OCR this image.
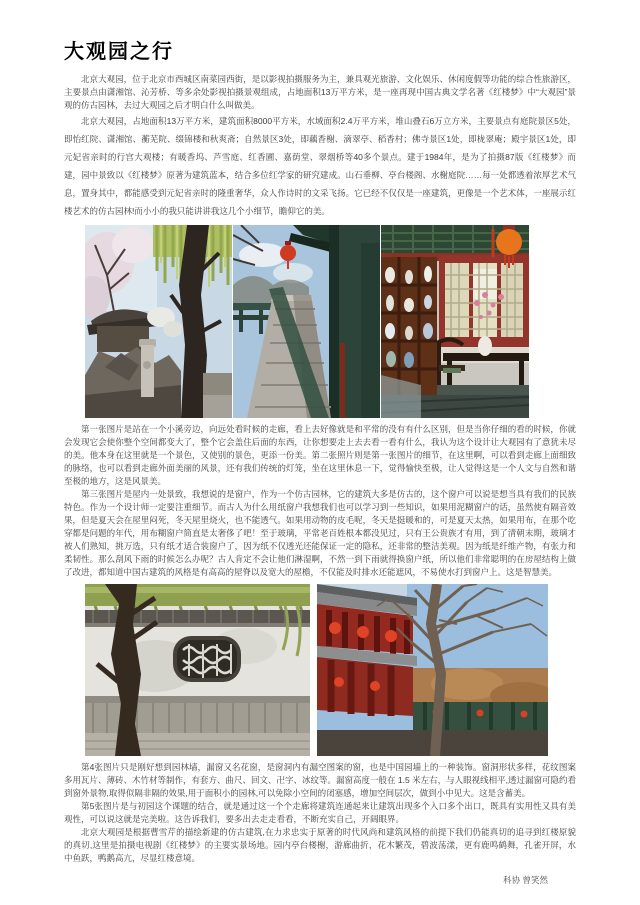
大观园之行

北京大观园，位于北京市西城区南菜园西街，是以影视拍摄服务为主，兼具观光旅游、文化娱乐、休闲度假等功能的综合性旅游区，主要景点由潇湘馆、沁芳桥、等多余处影视拍摄景观组成，占地面积13万平方米，是一座再现中国古典文学名著《红楼梦》中“大观园”景观的仿古园林，去过大观园之后才明白什么叫做美。

北京大观园，占地面积13万平方米，建筑面积8000平方米，水域面积2.4万平方米，堆山叠石6万立方米，主要景点有庭院景区5处，即怡红院、潇湘馆、蘅芜院、缀锦楼和秋爽斋；自然景区3处，即藕香榭、滴翠亭、稻香村；佛寺景区1处，即栊翠庵；殿宇景区1处，即元妃省亲时的行宫大观楼；有暖香坞、芦雪庭、红香圃、嘉荫堂、翠烟桥等40多个景点。建于1984年，是为了拍摄87版《红楼梦》而建，园中景致以《红楼梦》原著为建筑蓝本，结合多位红学家的研究建成。山石垂柳、亭台楼阁、水榭庭院……每一处都透着浓厚艺术气息，置身其中，都能感受到元妃省亲时的隆重奢华，众人作诗时的文采飞扬。它已经不仅仅是一座建筑，更像是一个艺术体，一座展示红楼艺术的仿古园林!而小小的我只能讲讲我这几个小细节，瞻仰它的美。

第一张图片是站在一个小溪旁边，向远处看时候的走廊，看上去好像就是和平常的没有有什么区别，但是当你仔细的看的时候，你就会发现它会使你整个空间都变大了，整个它会盖住后面的东西，让你想要走上去去看一看有什么，我认为这个设计让大观园有了意犹未尽的美。他本身在这里就是一个景色，又使别的景色，更添一份美。第二张照片则是第一张图片的细节，在这里啊，可以看到走廊上面细致的脉络，也可以看到走廊外面美丽的风景，还有我们传统的灯笼，坐在这里休息一下，觉得愉快至极，让人觉得这是一个人文与自然和谐至极的地方，这是风景美。

第三张图片是屋内一处景致，我想说的是窗户，作为一个仿古园林，它的建筑大多是仿古的，这个窗户可以说是想当具有我们的民族特色。作为一个设计师一定要注重细节。而古人为什么用纸窗户我想我们也可以学习到一些知识，如果用泥糊窗户的话，虽然使有隔音效果，但是夏天会在屋里闷死，冬天屋里烧火，也不能透气。如果用动物的皮毛呢，冬天是挺暖和的，可是夏天太热，如果用布，在那个吃穿都是问题的年代，用布糊窗户简直是太奢侈了吧！至于玻璃，平常老百姓根本都没见过，只有王公贵族才有用，到了清朝末期，玻璃才被人们熟知，挑万选，只有纸才适合装窗户了，因为纸不仅透光还能保证一定的隐私，还非常的整洁美观。因为纸是纤维产物，有张力和柔韧性。那么刮风下雨的时候怎么办呢？古人肯定不会让他们淋湿啊，不然一到下雨就得换窗户纸，所以他们非常聪明的在房屋结构上做了改进，都知道中国古建筑的风格是有高高的屋脊以及宽大的屋檐，不仅能及时排水还能遮风，不易使水打到窗户上。这是智慧美。

第4张图片只是刚好想到园林墙，漏窗又名花窗，是窗洞内有漏空图案的窗，也是中国园墙上的一种装饰。窗洞形状多样，花纹图案多用瓦片、薄砖、木竹材等制作，有套方、曲尺、回文、卍字、冰纹等。漏窗高度一般在 1.5 米左右，与人眼视线相平,透过漏窗可隐约看到窗外景物,取得似隔非隔的效果,用于面积小的园林,可以免除小空间的闭塞感，增加空间层次，做到小中见大。这是含蓄美。

第5张图片是与初园这个课题的结合，就是通过这一个个走廊将建筑连通起来让建筑出现多个入口多个出口，既具有实用性又具有美观性，可以说这就是完美啦。这告诉我们，要多出去走走看看，不断充实自己，开阔眼界。

北京大观园是根据曹雪芹的描绘新建的仿古建筑,在力求忠实于原著的时代风尚和建筑风格的前提下我们仍能真切的追寻到红楼原貌的真切,这里是拍摄电视剧《红楼梦》的主要实景场地。园内亭台楼榭，游廊曲折，花木繁茂，碧波荡漾，更有鹿鸣鹤舞，孔雀开屏，水中鱼跃，鸭鹅高亢，尽显红楼意境。

科协 曾笑然
